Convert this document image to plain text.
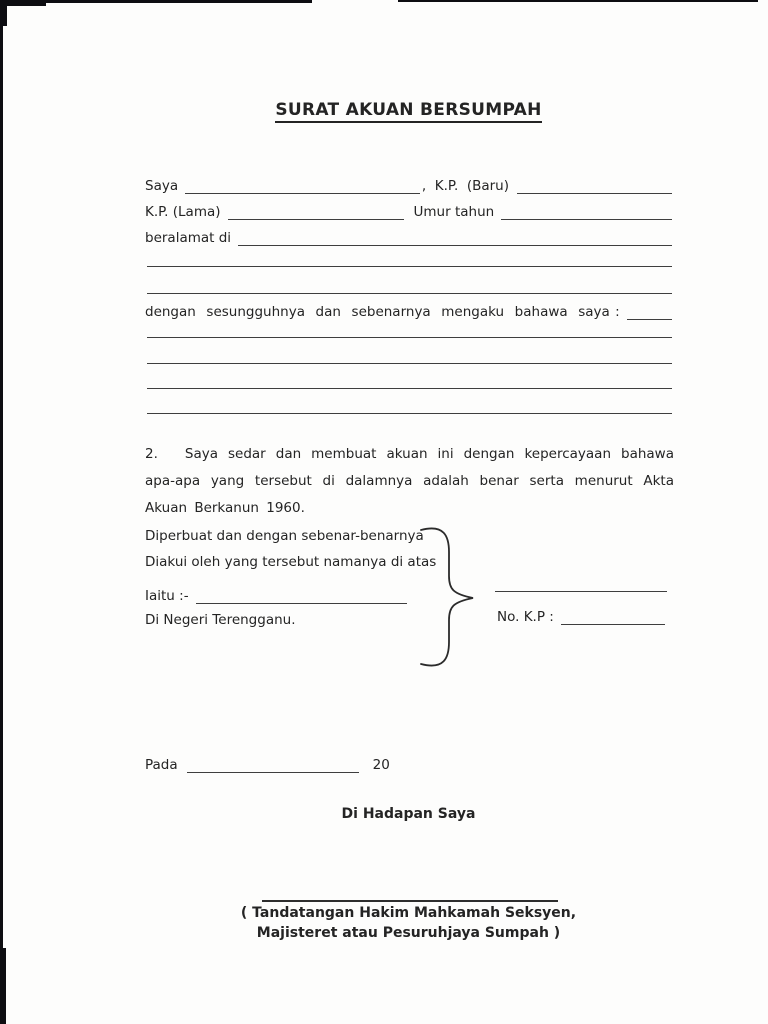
SURAT AKUAN BERSUMPAH
Saya	,  K.P.  (Baru)
K.P. (Lama)	Umur tahun
beralamat di
dengan  sesungguhnya  dan  sebenarnya  mengaku  bahawa  saya :
2. Saya sedar dan membuat akuan ini dengan kepercayaan bahawa apa-apa yang tersebut di dalamnya adalah benar serta menurut Akta Akuan Berkanun 1960.
Diperbuat dan dengan sebenar-benarnya
Diakui oleh yang tersebut namanya di atas
Iaitu :-
Di Negeri Terengganu.	No. K.P :
Pada	20
Di Hadapan Saya
( Tandatangan Hakim Mahkamah Seksyen,
Majisteret atau Pesuruhjaya Sumpah )
